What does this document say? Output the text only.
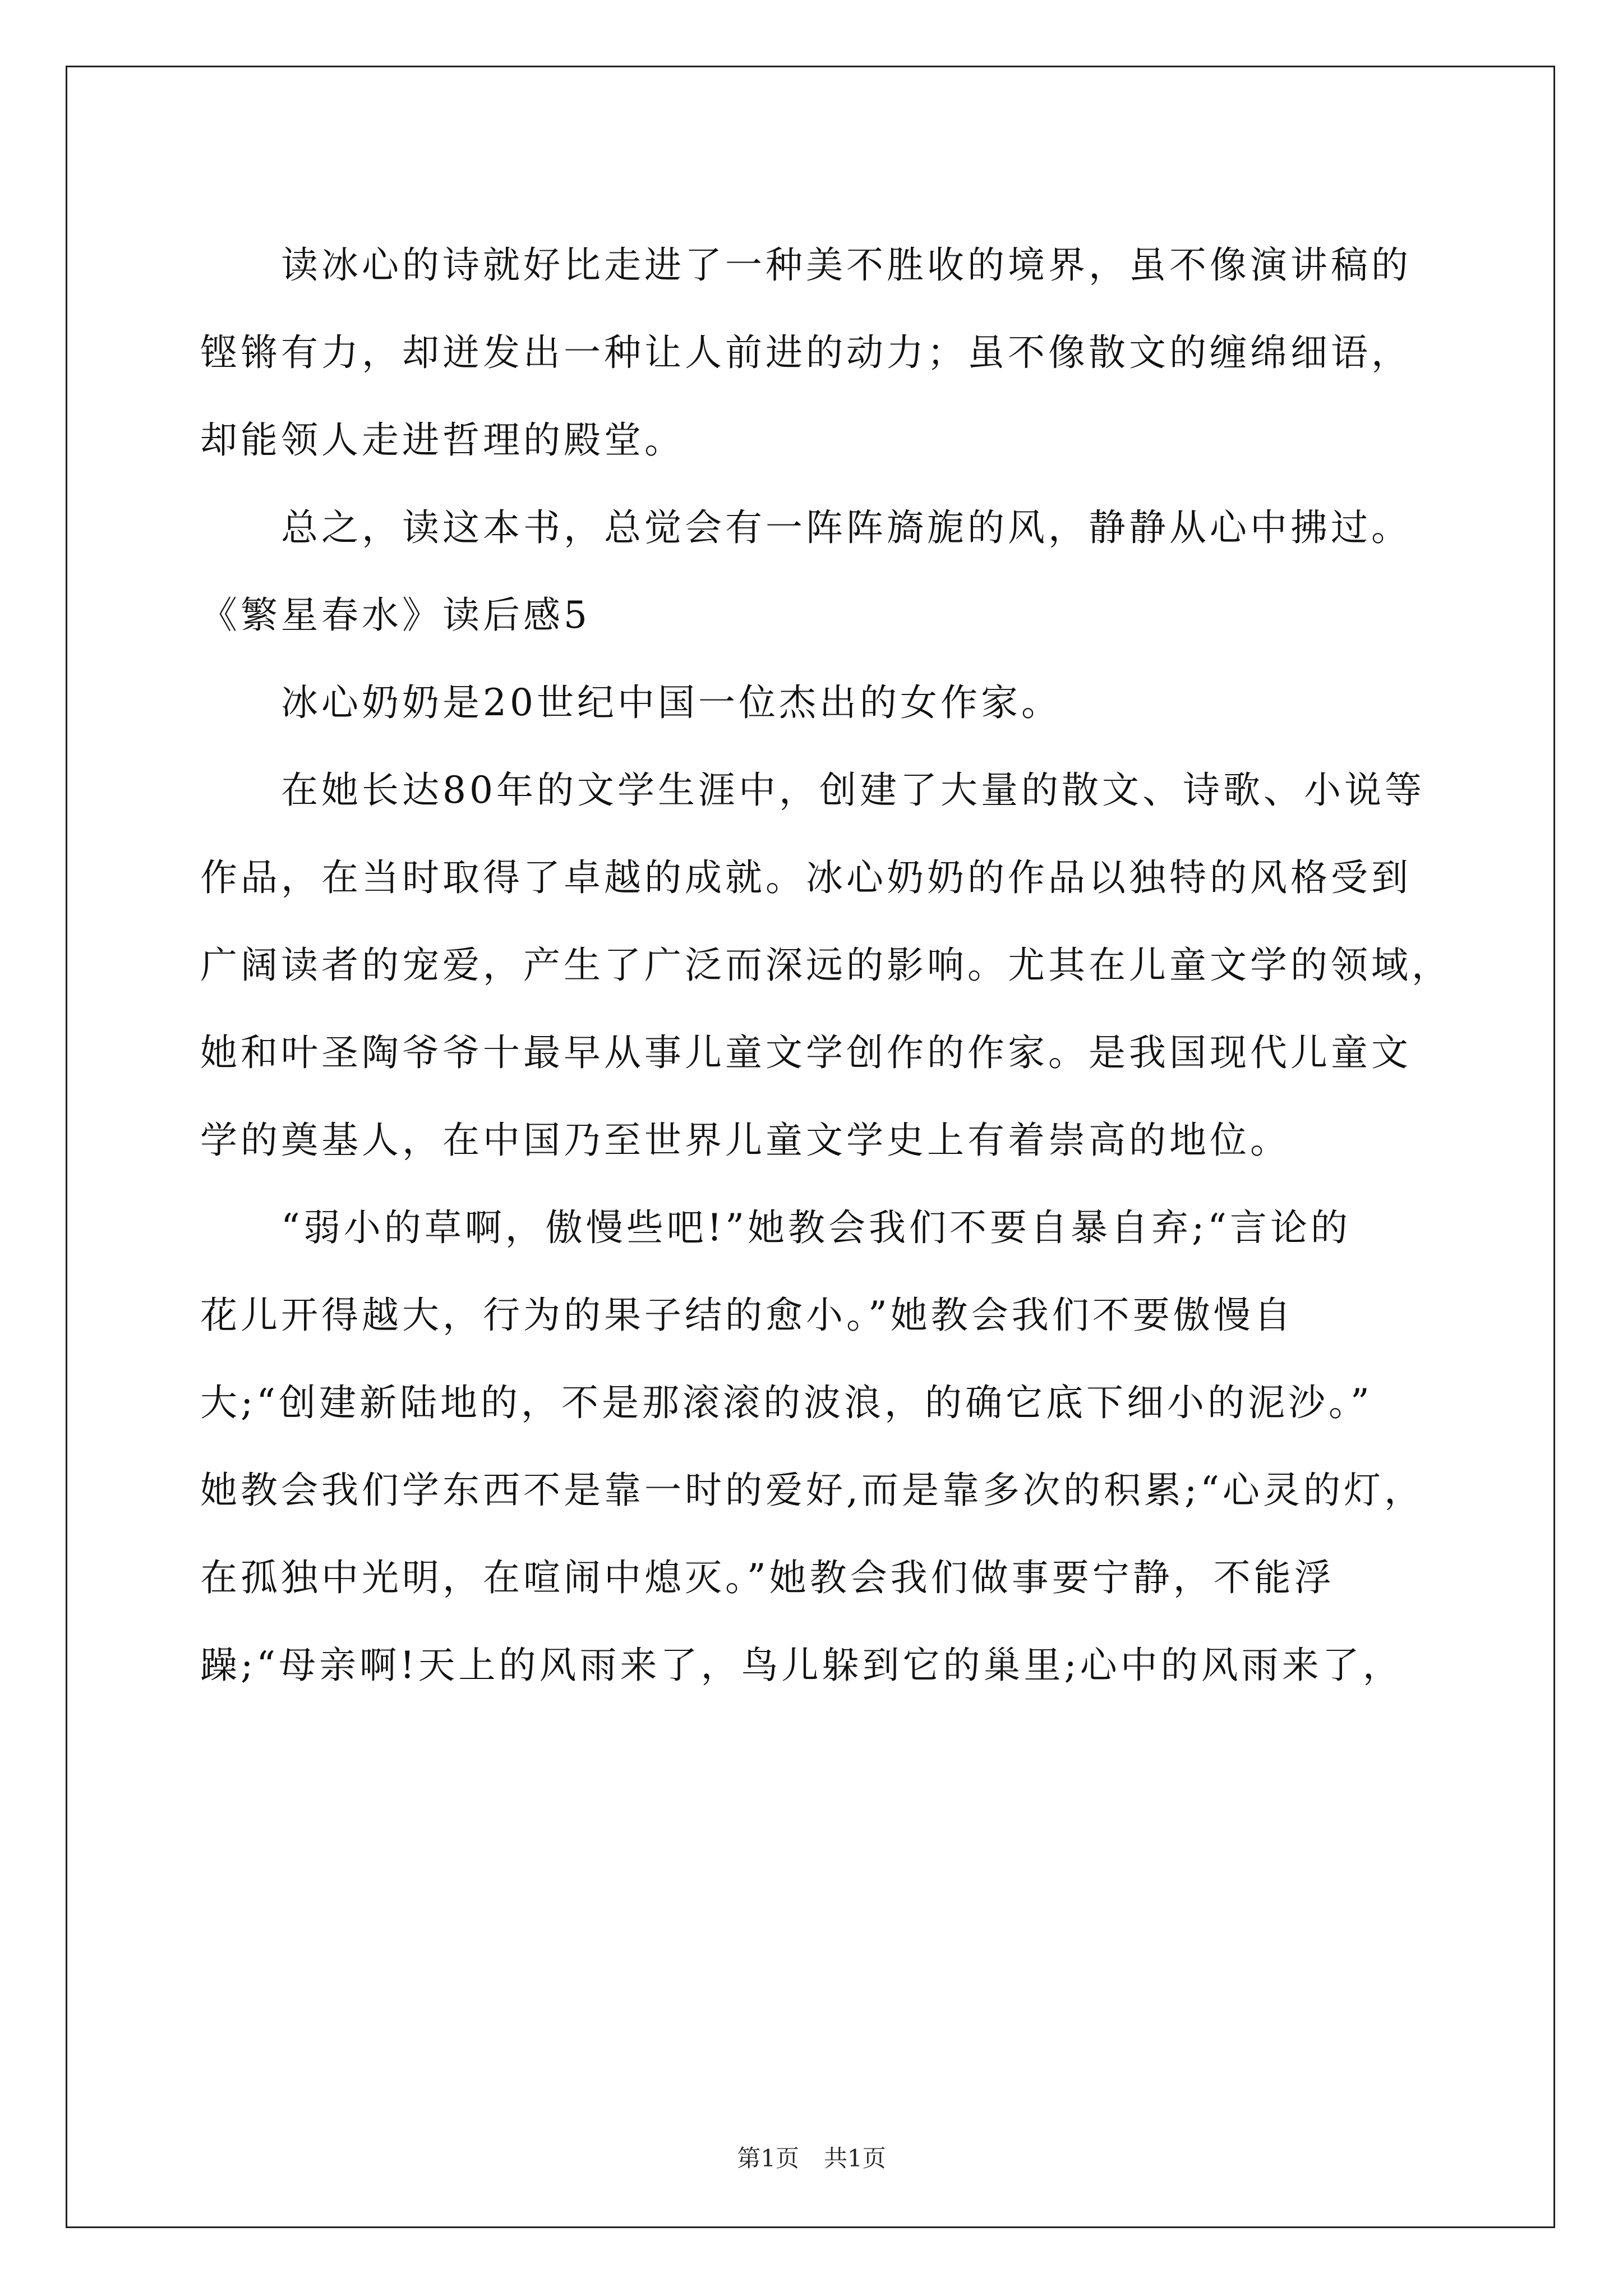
读冰心的诗就好比走进了一种美不胜收的境界，虽不像演讲稿的

铿锵有力，却迸发出一种让人前进的动力；虽不像散文的缠绵细语，

却能领人走进哲理的殿堂。

总之，读这本书，总觉会有一阵阵旖旎的风，静静从心中拂过。

《繁星春水》读后感5

冰心奶奶是20世纪中国一位杰出的女作家。

在她长达80年的文学生涯中，创建了大量的散文、诗歌、小说等

作品，在当时取得了卓越的成就。冰心奶奶的作品以独特的风格受到

广阔读者的宠爱，产生了广泛而深远的影响。尤其在儿童文学的领域，

她和叶圣陶爷爷十最早从事儿童文学创作的作家。是我国现代儿童文

学的奠基人，在中国乃至世界儿童文学史上有着崇高的地位。

“弱小的草啊，傲慢些吧!”她教会我们不要自暴自弃;“言论的

花儿开得越大，行为的果子结的愈小。”她教会我们不要傲慢自

大;“创建新陆地的，不是那滚滚的波浪，的确它底下细小的泥沙。”

她教会我们学东西不是靠一时的爱好,而是靠多次的积累;“心灵的灯，

在孤独中光明，在喧闹中熄灭。”她教会我们做事要宁静，不能浮

躁;“母亲啊!天上的风雨来了，鸟儿躲到它的巢里;心中的风雨来了，

第1页 共1页
